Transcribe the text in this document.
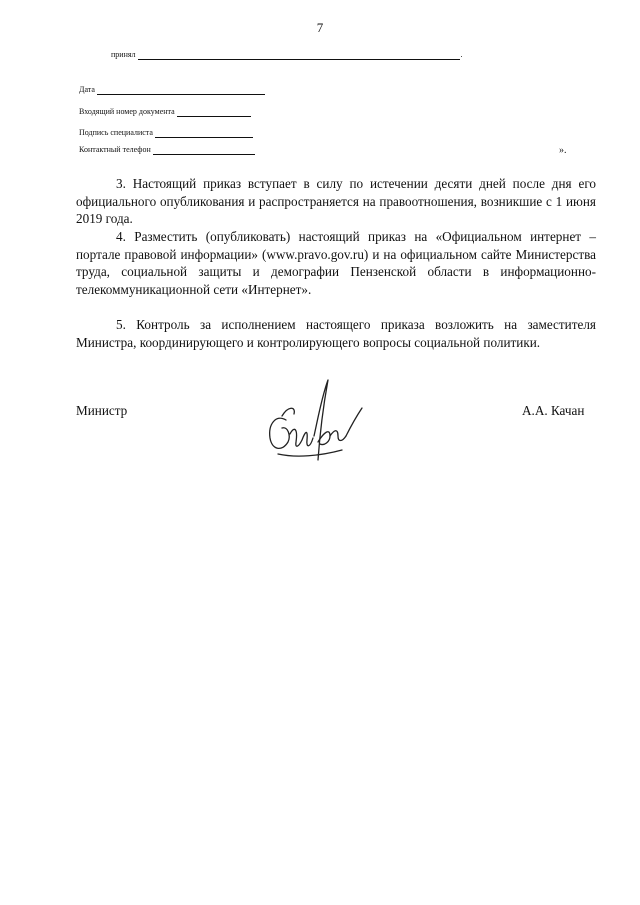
7
принял	.
Дата
Входящий номер документа
Подпись специалиста
Контактный телефон	».

3. Настоящий приказ вступает в силу по истечении десяти дней после дня его официального опубликования и распространяется на правоотношения, возникшие с 1 июня 2019 года.

4. Разместить (опубликовать) настоящий приказ на «Официальном интернет – портале правовой информации» (www.pravo.gov.ru) и на официальном сайте Министерства труда, социальной защиты и демографии Пензенской области в информационно-телекоммуникационной сети «Интернет».

5. Контроль за исполнением настоящего приказа возложить на заместителя Министра, координирующего и контролирующего вопросы социальной политики.

Министр	А.А. Качан
